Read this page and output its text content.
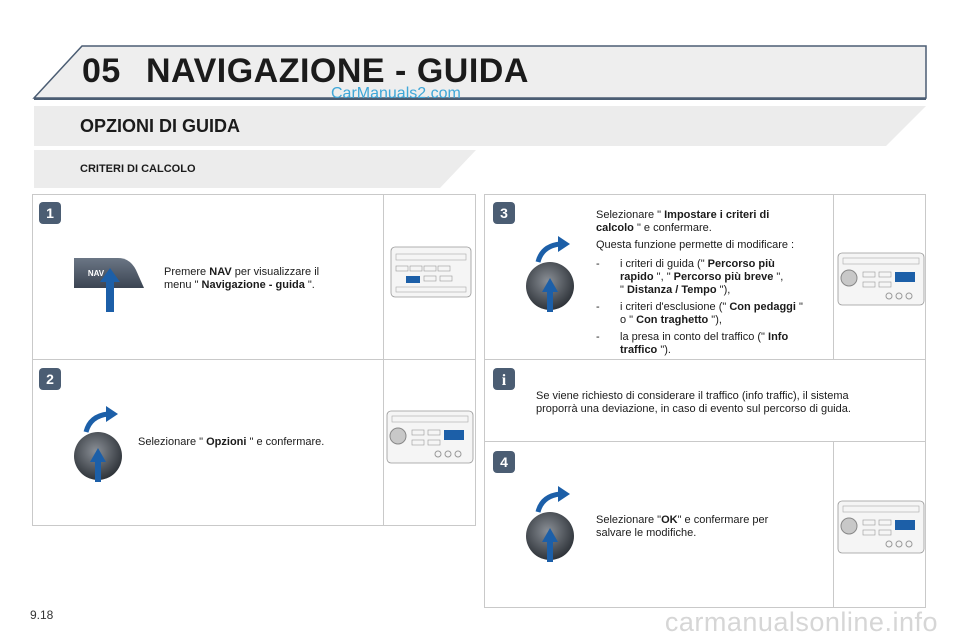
05 NAVIGAZIONE - GUIDA
CarManuals2.com
OPZIONI DI GUIDA
CRITERI DI CALCOLO
1
NAV	Premere NAV per visualizzare il
menu " Navigazione - guida ".
2
Selezionare " Opzioni " e confermare.
3	Selezionare " Impostare i criteri di
calcolo " e confermare.
Questa funzione permette di modificare :
- i criteri di guida (" Percorso più
rapido ", " Percorso più breve ",
" Distanza / Tempo "),
- i criteri d'esclusione (" Con pedaggi "
o " Con traghetto "),
- la presa in conto del traffico (" Info
traffico ").
i
Se viene richiesto di considerare il traffico (info traffic), il sistema
proporrà una deviazione, in caso di evento sul percorso di guida.
4
Selezionare "OK" e confermare per
salvare le modifiche.
9.18	carmanualsonline.info
